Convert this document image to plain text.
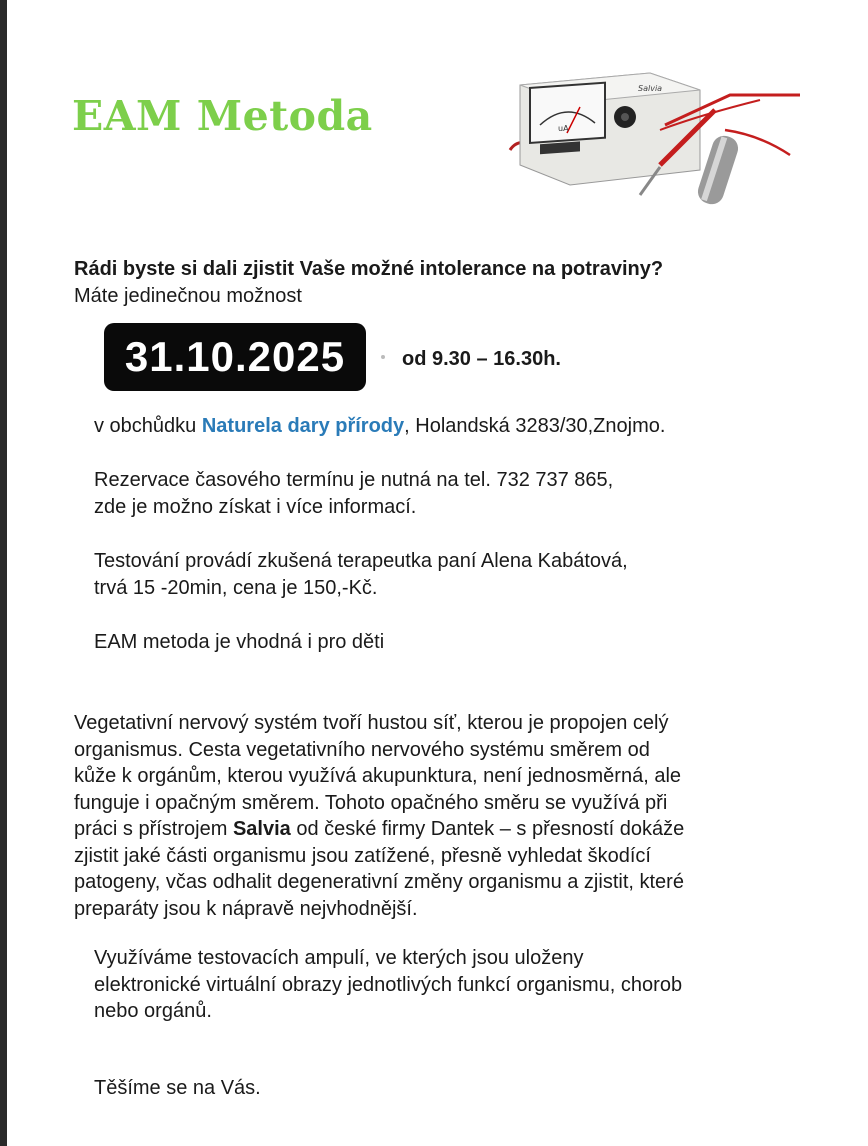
EAM Metoda	uA
Salvia
Rádi byste si dali zjistit Vaše možné intolerance na potraviny?
Máte jedinečnou možnost
31.10.2025	od 9.30 – 16.30h.
v obchůdku Naturela dary přírody, Holandská 3283/30,Znojmo.
Rezervace časového termínu je nutná na tel. 732 737 865,
zde je možno získat i více informací.
Testování provádí zkušená terapeutka paní Alena Kabátová,
trvá 15 -20min, cena je 150,-Kč.
EAM metoda je vhodná i pro děti
Vegetativní nervový systém tvoří hustou síť, kterou je propojen celý
organismus. Cesta vegetativního nervového systému směrem od
kůže k orgánům, kterou využívá akupunktura, není jednosměrná, ale
funguje i opačným směrem. Tohoto opačného směru se využívá při
práci s přístrojem Salvia od české firmy Dantek – s přesností dokáže
zjistit jaké části organismu jsou zatížené, přesně vyhledat škodící
patogeny, včas odhalit degenerativní změny organismu a zjistit, které
preparáty jsou k nápravě nejvhodnější.
Využíváme testovacích ampulí, ve kterých jsou uloženy
elektronické virtuální obrazy jednotlivých funkcí organismu, chorob
nebo orgánů.
Těšíme se na Vás.
